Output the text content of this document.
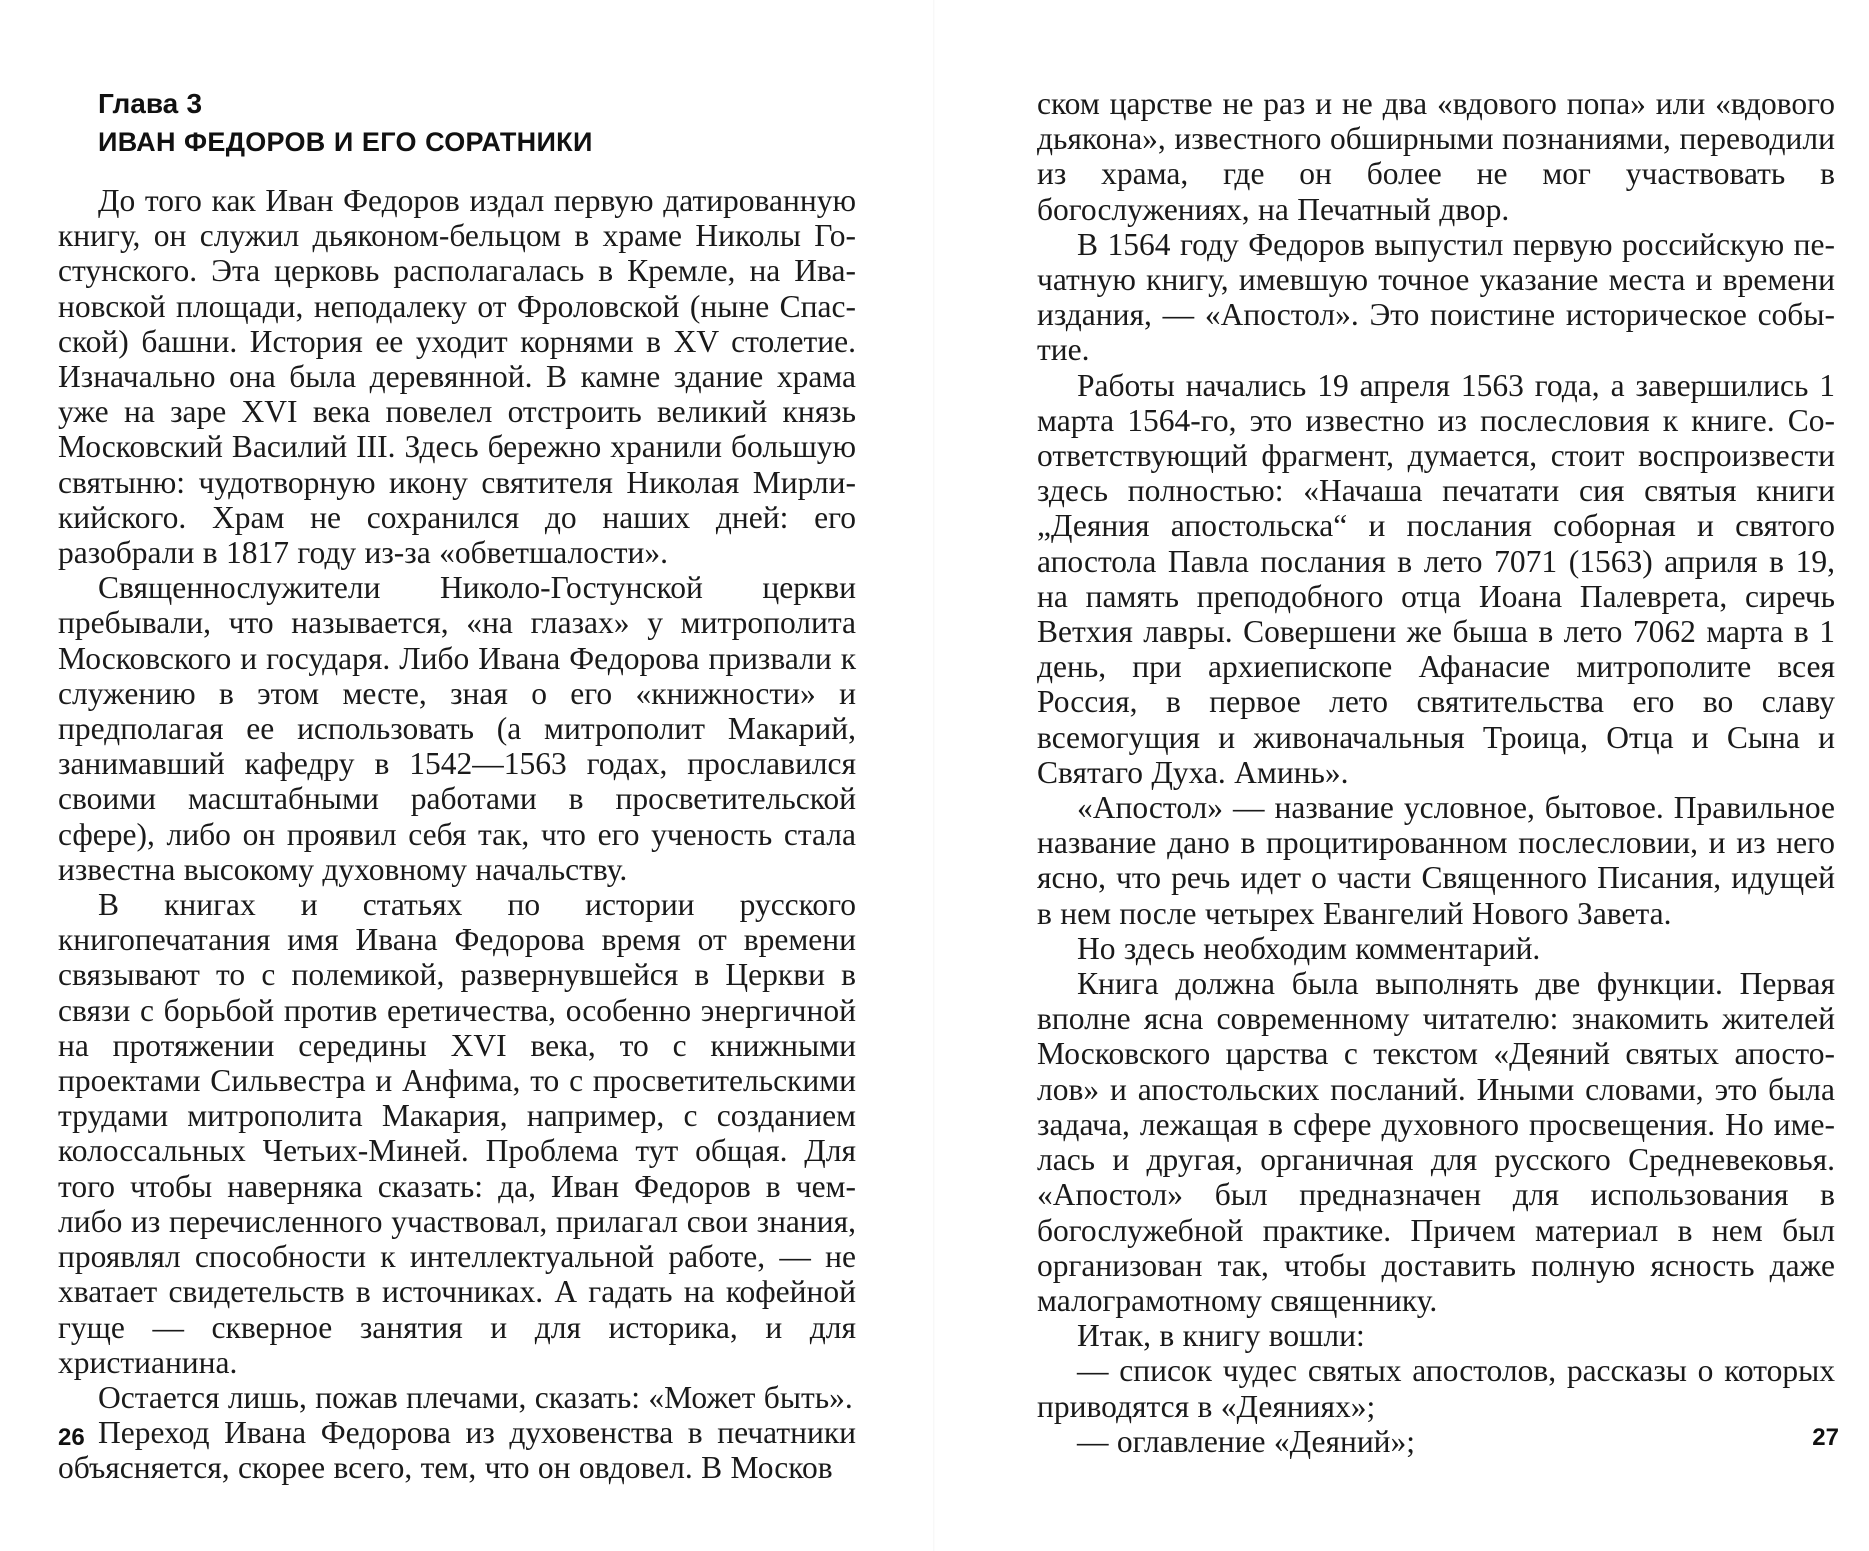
Глава 3
ИВАН ФЕДОРОВ И ЕГО СОРАТНИКИ

До того как Иван Федоров издал первую датированную книгу, он служил дьяконом-бельцом в храме Николы Гостунского. Эта церковь располагалась в Кремле, на Ивановской площади, неподалеку от Фроловской (ныне Спасской) башни. История ее уходит корнями в XV столетие. Изначально она была деревянной. В камне здание храма уже на заре XVI века повелел отстроить великий князь Московский Василий III. Здесь бережно хранили большую святыню: чудотворную икону святителя Николая Мирликийского. Храм не сохранился до наших дней: его разобрали в 1817 году из-за «обветшалости».

Священнослужители Николо-Гостунской церкви пребывали, что называется, «на глазах» у митрополита Московского и государя. Либо Ивана Федорова призвали к служению в этом месте, зная о его «книжности» и предполагая ее использовать (а митрополит Макарий, занимавший кафедру в 1542—1563 годах, прославился своими масштабными работами в просветительской сфере), либо он проявил себя так, что его ученость стала известна высокому духовному начальству.

В книгах и статьях по истории русского книгопечатания имя Ивана Федорова время от времени связывают то с полемикой, развернувшейся в Церкви в связи с борьбой против еретичества, особенно энергичной на протяжении середины XVI века, то с книжными проектами Сильвестра и Анфима, то с просветительскими трудами митрополита Макария, например, с созданием колоссальных Четьих-Миней. Проблема тут общая. Для того чтобы наверняка сказать: да, Иван Федоров в чемлибо из перечисленного участвовал, прилагал свои знания, проявлял способности к интеллектуальной работе, — не хватает свидетельств в источниках. А гадать на кофейной гуще — скверное занятия и для историка, и для христианина.

Остается лишь, пожав плечами, сказать: «Может быть».

Переход Ивана Федорова из духовенства в печатники объясняется, скорее всего, тем, что он овдовел. В Москов

26

ском царстве не раз и не два «вдового попа» или «вдового дьякона», известного обширными познаниями, переводили из храма, где он более не мог участвовать в богослужениях, на Печатный двор.

В 1564 году Федоров выпустил первую российскую печатную книгу, имевшую точное указание места и времени издания, — «Апостол». Это поистине историческое событие.

Работы начались 19 апреля 1563 года, а завершились 1 марта 1564-го, это известно из послесловия к книге. Соответствующий фрагмент, думается, стоит воспроизвести здесь полностью: «Начаша печатати сия святыя книги „Деяния апостольска“ и послания соборная и святого апостола Павла послания в лето 7071 (1563) априля в 19, на память преподобного отца Иоана Палеврета, сиречь Ветхия лавры. Совершени же быша в лето 7062 марта в 1 день, при архиепископе Афанасие митрополите всея Россия, в первое лето святительства его во славу всемогущия и живоначальныя Троица, Отца и Сына и Святаго Духа. Аминь».

«Апостол» — название условное, бытовое. Правильное название дано в процитированном послесловии, и из него ясно, что речь идет о части Священного Писания, идущей в нем после четырех Евангелий Нового Завета.

Но здесь необходим комментарий.

Книга должна была выполнять две функции. Первая вполне ясна современному читателю: знакомить жителей Московского царства с текстом «Деяний святых апостолов» и апостольских посланий. Иными словами, это была задача, лежащая в сфере духовного просвещения. Но имелась и другая, органичная для русского Средневековья. «Апостол» был предназначен для использования в богослужебной практике. Причем материал в нем был организован так, чтобы доставить полную ясность даже малограмотному священнику.

Итак, в книгу вошли:

— список чудес святых апостолов, рассказы о которых приводятся в «Деяниях»;

— оглавление «Деяний»;	27
